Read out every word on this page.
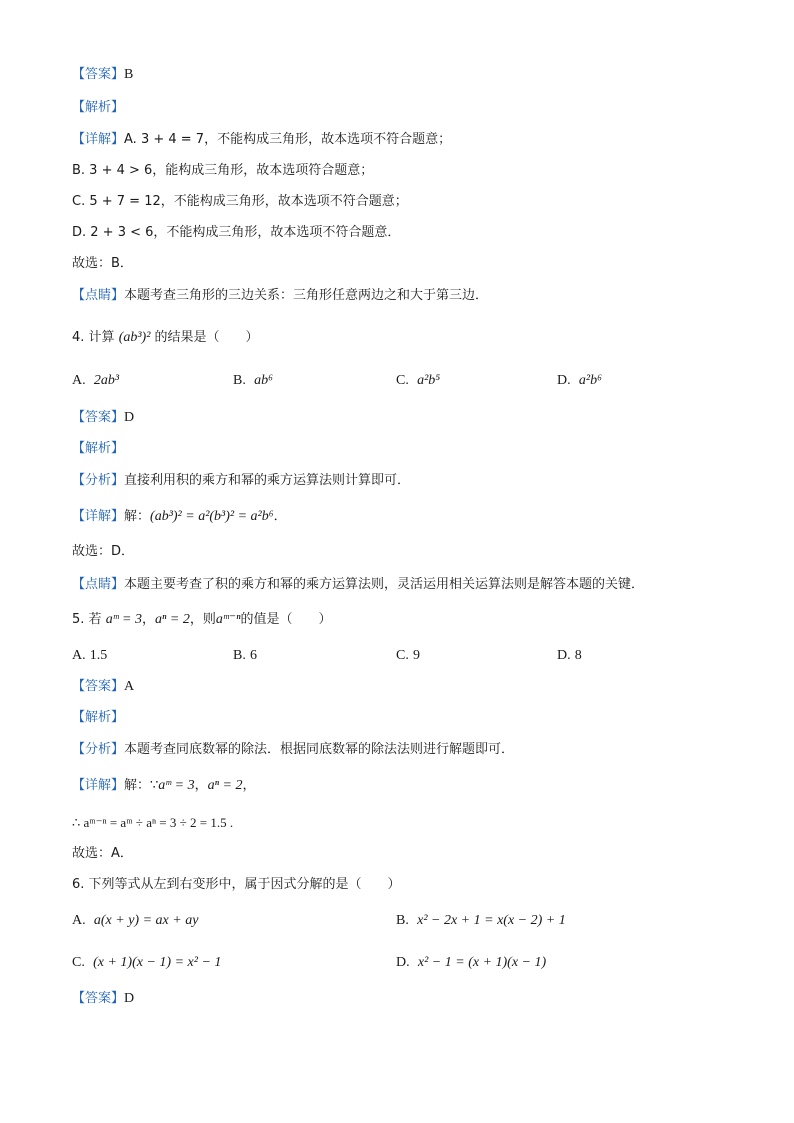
【答案】B
【解析】
【详解】A. 3 + 4 = 7，不能构成三角形，故本选项不符合题意；
B. 3 + 4 > 6，能构成三角形，故本选项符合题意；
C. 5 + 7 = 12，不能构成三角形，故本选项不符合题意；
D. 2 + 3 < 6，不能构成三角形，故本选项不符合题意．
故选：B．
【点睛】本题考查三角形的三边关系：三角形任意两边之和大于第三边．
4. 计算 (ab³)² 的结果是（　　）
A. 2ab³	B. ab⁶	C. a²b⁵	D. a²b⁶
【答案】D
【解析】
【分析】直接利用积的乘方和幂的乘方运算法则计算即可．
【详解】解：(ab³)² = a²(b³)² = a²b⁶．
故选：D．
【点睛】本题主要考查了积的乘方和幂的乘方运算法则，灵活运用相关运算法则是解答本题的关键．
5. 若 aᵐ = 3，aⁿ = 2，则aᵐ⁻ⁿ的值是（　　）
A. 1.5	B. 6	C. 9	D. 8
【答案】A
【解析】
【分析】本题考查同底数幂的除法．根据同底数幂的除法法则进行解题即可．
【详解】解：∵aᵐ = 3，aⁿ = 2，
∴ aᵐ⁻ⁿ = aᵐ ÷ aⁿ = 3 ÷ 2 = 1.5 .
故选：A．
6. 下列等式从左到右变形中，属于因式分解的是（　　）
A. a(x + y) = ax + ay	B. x² − 2x + 1 = x(x − 2) + 1
C. (x + 1)(x − 1) = x² − 1	D. x² − 1 = (x + 1)(x − 1)
【答案】D
